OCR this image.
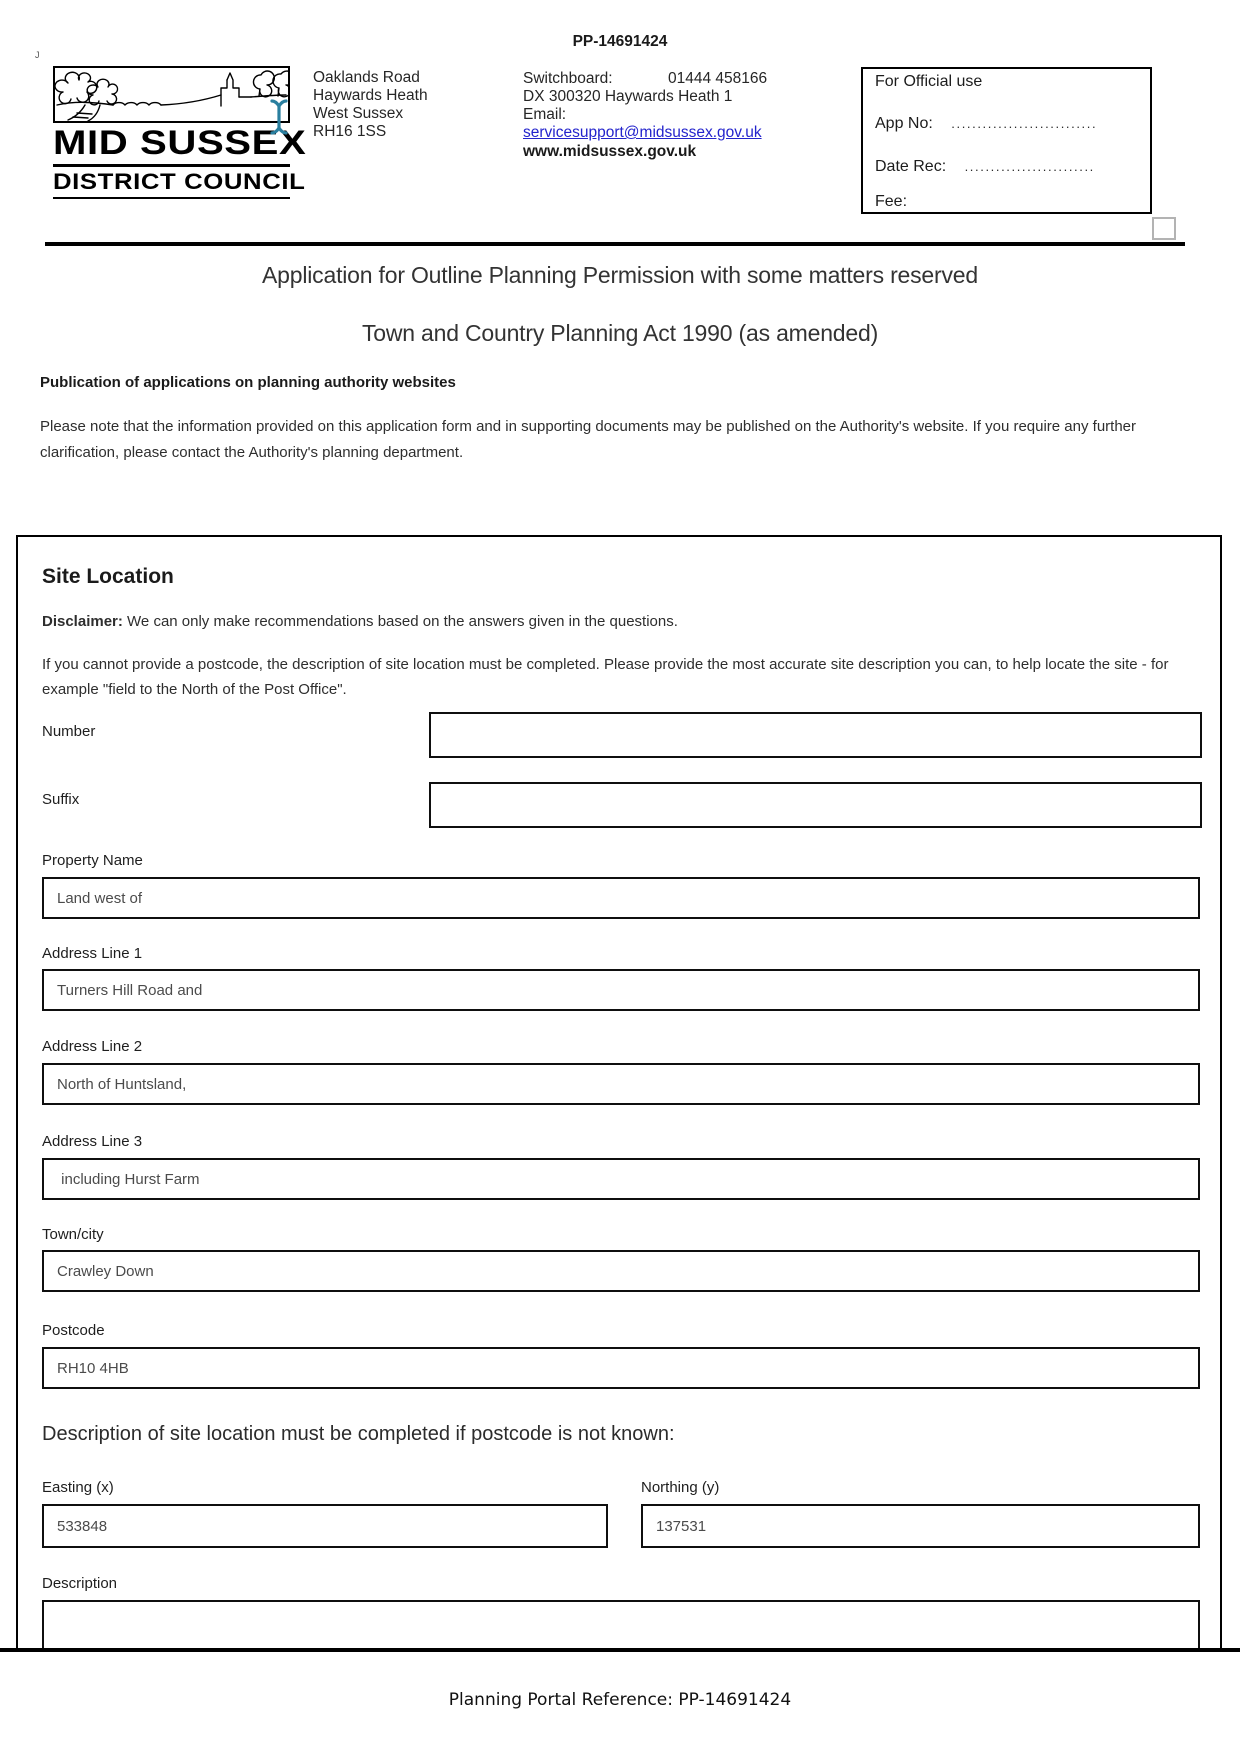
J
PP-14691424
MID SUSSEX
DISTRICT COUNCIL
Oaklands Road
Haywards Heath
West Sussex
RH16 1SS
Switchboard:	01444 458166
DX 300320 Haywards Heath 1
Email:
servicesupport@midsussex.gov.uk
www.midsussex.gov.uk
For Official use
App No: ............................
Date Rec: .........................
Fee:
Application for Outline Planning Permission with some matters reserved
Town and Country Planning Act 1990 (as amended)
Publication of applications on planning authority websites
Please note that the information provided on this application form and in supporting documents may be published on the Authority's website. If you require any further clarification, please contact the Authority's planning department.
Site Location
Disclaimer: We can only make recommendations based on the answers given in the questions.
If you cannot provide a postcode, the description of site location must be completed. Please provide the most accurate site description you can, to help locate the site - for example "field to the North of the Post Office".
Number
Suffix
Property Name
Land west of
Address Line 1
Turners Hill Road and
Address Line 2
North of Huntsland,
Address Line 3
including Hurst Farm
Town/city
Crawley Down
Postcode
RH10 4HB
Description of site location must be completed if postcode is not known:
Easting (x)	Northing (y)
533848
137531
Description
Planning Portal Reference: PP-14691424
